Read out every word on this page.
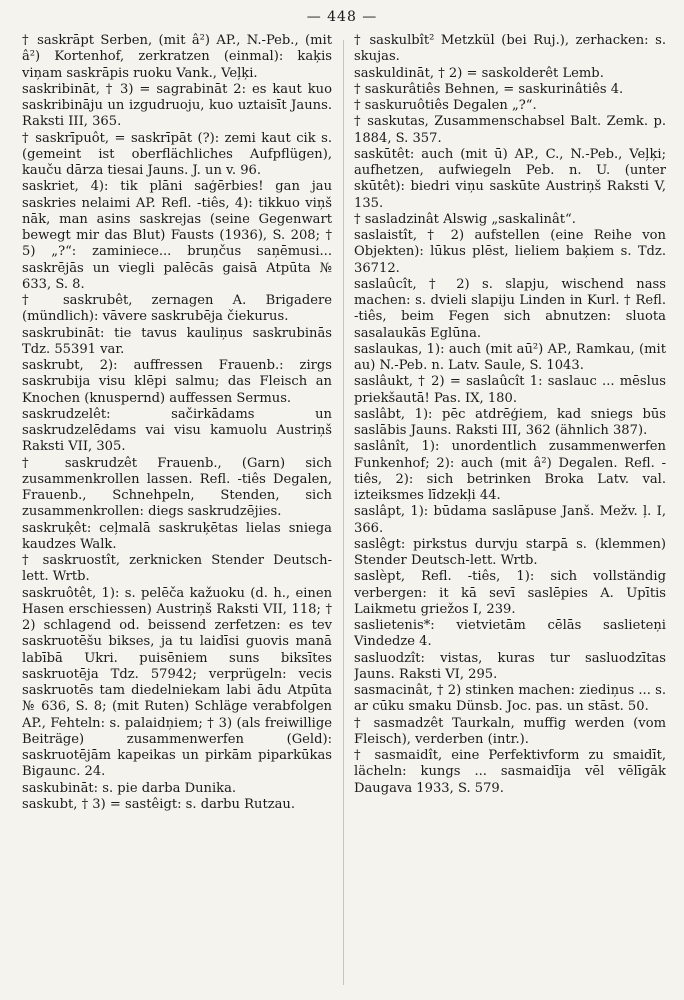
— 448 —
† saskrāpt Serben, (mit â²) AP., N.-Peb., (mit â²) Kortenhof, zerkratzen (einmal): kaķis viņam saskrāpis ruoku Vank., Veļķi.
saskribināt, † 3) = sagrabināt 2: es kaut kuo saskribināju un izgudruoju, kuo uztaisīt Jauns. Raksti III, 365.
† saskrīpuôt, = saskrīpāt (?): zemi kaut cik s. (gemeint ist oberflächliches Aufpflügen), kauču dārza tiesai Jauns. J. un v. 96.
saskriet, 4): tik plāni saģērbies! gan jau saskries nelaimi AP. Refl. -tiês, 4): tikkuo viņš nāk, man asins saskrejas (seine Gegenwart bewegt mir das Blut) Fausts (1936), S. 208; † 5) „?“: zaminiece... bruņčus saņēmusi... saskrējās un viegli palēcās gaisā Atpūta № 633, S. 8.
† saskrubêt, zernagen A. Brigadere (mündlich): vāvere saskrubēja čiekurus.
saskrubināt: tie tavus kauliņus saskrubinās Tdz. 55391 var.
saskrubt, 2): auffressen Frauenb.: zirgs saskrubija visu klēpi salmu; das Fleisch an Knochen (knuspernd) auffessen Sermus.
saskrudzelêt: sačirkādams un saskrudzelēdams vai visu kamuolu Austriņš Raksti VII, 305.
† saskrudzêt Frauenb., (Garn) sich zusammenkrollen lassen. Refl. -tiês Degalen, Frauenb., Schnehpeln, Stenden, sich zusammenkrollen: diegs saskrudzējies.
saskruķêt: ceļmalā saskruķētas lielas sniega kaudzes Walk.
† saskruostît, zerknicken Stender Deutsch-lett. Wrtb.
saskruôtêt, 1): s. pelēča kažuoku (d. h., einen Hasen erschiessen) Austriņš Raksti VII, 118; † 2) schlagend od. beissend zerfetzen: es tev saskruotēšu bikses, ja tu laidīsi guovis manā labībā Ukri. puisēniem suns biksītes saskruotēja Tdz. 57942; verprügeln: vecis saskruotēs tam diedelniekam labi ādu Atpūta № 636, S. 8; (mit Ruten) Schläge verabfolgen AP., Fehteln: s. palaidņiem; † 3) (als freiwillige Beiträge) zusammenwerfen (Geld): saskruotējām kapeikas un pirkām piparkūkas Bigaunc. 24.
saskubināt: s. pie darba Dunika.
saskubt, † 3) = sastêigt: s. darbu Rutzau.
† saskulbît² Metzkül (bei Ruj.), zerhacken: s. skujas.
saskuldināt, † 2) = saskolderêt Lemb.
† saskurâtiês Behnen, = saskurinâtiês 4.
† saskuruôtiês Degalen „?“.
† saskutas, Zusammenschabsel Balt. Zemk. p. 1884, S. 357.
saskūtêt: auch (mit ū) AP., C., N.-Peb., Veļķi; aufhetzen, aufwiegeln Peb. n. U. (unter skūtêt): biedri viņu saskūte Austriņš Raksti V, 135.
† sasladzinât Alswig „saskalinât“.
saslaistît, † 2) aufstellen (eine Reihe von Objekten): lūkus plēst, lieliem baķiem s. Tdz. 36712.
saslaûcît, † 2) s. slapju, wischend nass machen: s. dvieli slapiju Linden in Kurl. † Refl. -tiês, beim Fegen sich abnutzen: sluota sasalaukās Eglūna.
saslaukas, 1): auch (mit aū²) AP., Ramkau, (mit au) N.-Peb. n. Latv. Saule, S. 1043.
saslâukt, † 2) = saslaûcît 1: saslauc ... mēslus priekšautā! Pas. IX, 180.
saslâbt, 1): pēc atdrēģiem, kad sniegs būs saslābis Jauns. Raksti III, 362 (ähnlich 387).
saslânît, 1): unordentlich zusammenwerfen Funkenhof; 2): auch (mit â²) Degalen. Refl. -tiês, 2): sich betrinken Broka Latv. val. izteiksmes līdzekļi 44.
saslâpt, 1): būdama saslāpuse Janš. Mežv. ļ. I, 366.
saslêgt: pirkstus durvju starpā s. (klemmen) Stender Deutsch-lett. Wrtb.
saslèpt, Refl. -tiês, 1): sich vollständig verbergen: it kā sevī saslēpies A. Upītis Laikmetu griežos I, 239.
saslietenis*: vietvietām cēlās saslieteņi Vindedze 4.
sasluodzît: vistas, kuras tur sasluodzītas Jauns. Raksti VI, 295.
sasmacinât, † 2) stinken machen: ziediņus ... s. ar cūku smaku Dünsb. Joc. pas. un stāst. 50.
† sasmadzêt Taurkaln, muffig werden (vom Fleisch), verderben (intr.).
† sasmaidît, eine Perfektivform zu smaidīt, lächeln: kungs ... sasmaidīja vēl vēlīgāk Daugava 1933, S. 579.
